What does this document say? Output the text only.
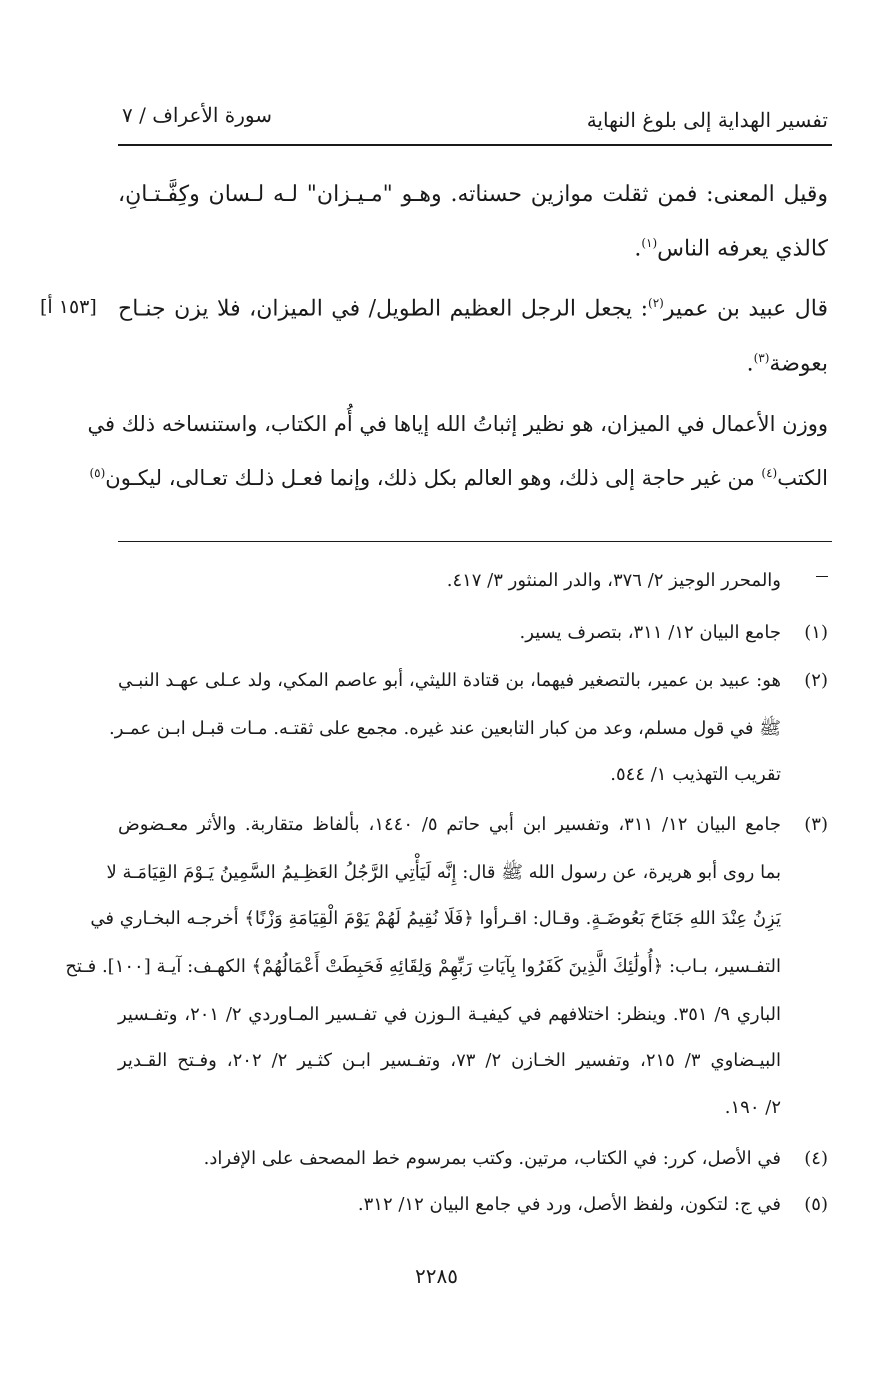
تفسير الهداية إلى بلوغ النهاية
سورة الأعراف / ٧
[١٥٣ أ]
وقيل المعنى: فمن ثقلت موازين حسناته. وهـو "مـيـزان" لـه لـسان وكِفَّـتـانِ،
كالذي يعرفه الناس$^{(١)}$.
قال عبيد بن عمير$^{(٢)}$: يجعل الرجل العظيم الطويل/ في الميزان، فلا يزن جنـاح
بعوضة$^{(٣)}$.
ووزن الأعمال في الميزان، هو نظير إثباتُ الله إياها في أُم الكتاب، واستنساخه ذلك في
الكتب$^{(٤)}$ من غير حاجة إلى ذلك، وهو العالم بكل ذلك، وإنما فعـل ذلـك تعـالى، ليكـون$^{(٥)}$
والمحرر الوجيز ٢/ ٣٧٦، والدر المنثور ٣/ ٤١٧.
(١)
جامع البيان ١٢/ ٣١١، بتصرف يسير.
(٢)
هو: عبيد بن عمير، بالتصغير فيهما، بن قتادة الليثي، أبو عاصم المكي، ولد عـلى عهـد النبـي
ﷺ في قول مسلم، وعد من كبار التابعين عند غيره. مجمع على ثقتـه. مـات قبـل ابـن عمـر.
تقريب التهذيب ١/ ٥٤٤.
(٣)
جامع البيان ١٢/ ٣١١، وتفسير ابن أبي حاتم ٥/ ١٤٤٠، بألفاظ متقاربة. والأثر معـضوض
بما روى أبو هريرة، عن رسول الله ﷺ قال: إِنَّه لَيَأْتِي الرَّجُلُ العَظِـيمُ السَّمِينُ يَـوْمَ القِيَامَـة لا
يَزِنُ عِنْدَ اللهِ جَنَاحَ بَعُوضَـةٍ. وقـال: اقـرأوا ﴿فَلَا نُقِيمُ لَهُمْ يَوْمَ الْقِيَامَةِ وَزْنًا﴾ أخرجـه البخـاري في
التفـسير، بـاب: ﴿أُولَٰئِكَ الَّذِينَ كَفَرُوا بِآيَاتِ رَبِّهِمْ وَلِقَائِهِ فَحَبِطَتْ أَعْمَالُهُمْ﴾ الكهـف: آيـة [١٠٠]. فـتح
الباري ٩/ ٣٥١. وينظر: اختلافهم في كيفيـة الـوزن في تفـسير المـاوردي ٢/ ٢٠١، وتفـسير
البيـضاوي ٣/ ٢١٥، وتفسير الخـازن ٢/ ٧٣، وتفـسير ابـن كثـير ٢/ ٢٠٢، وفـتح القـدير
٢/ ١٩٠.
(٤)
في الأصل، كرر: في الكتاب، مرتين. وكتب بمرسوم خط المصحف على الإفراد.
(٥)
في ج: لتكون، ولفظ الأصل، ورد في جامع البيان ١٢/ ٣١٢.
٢٢٨٥
